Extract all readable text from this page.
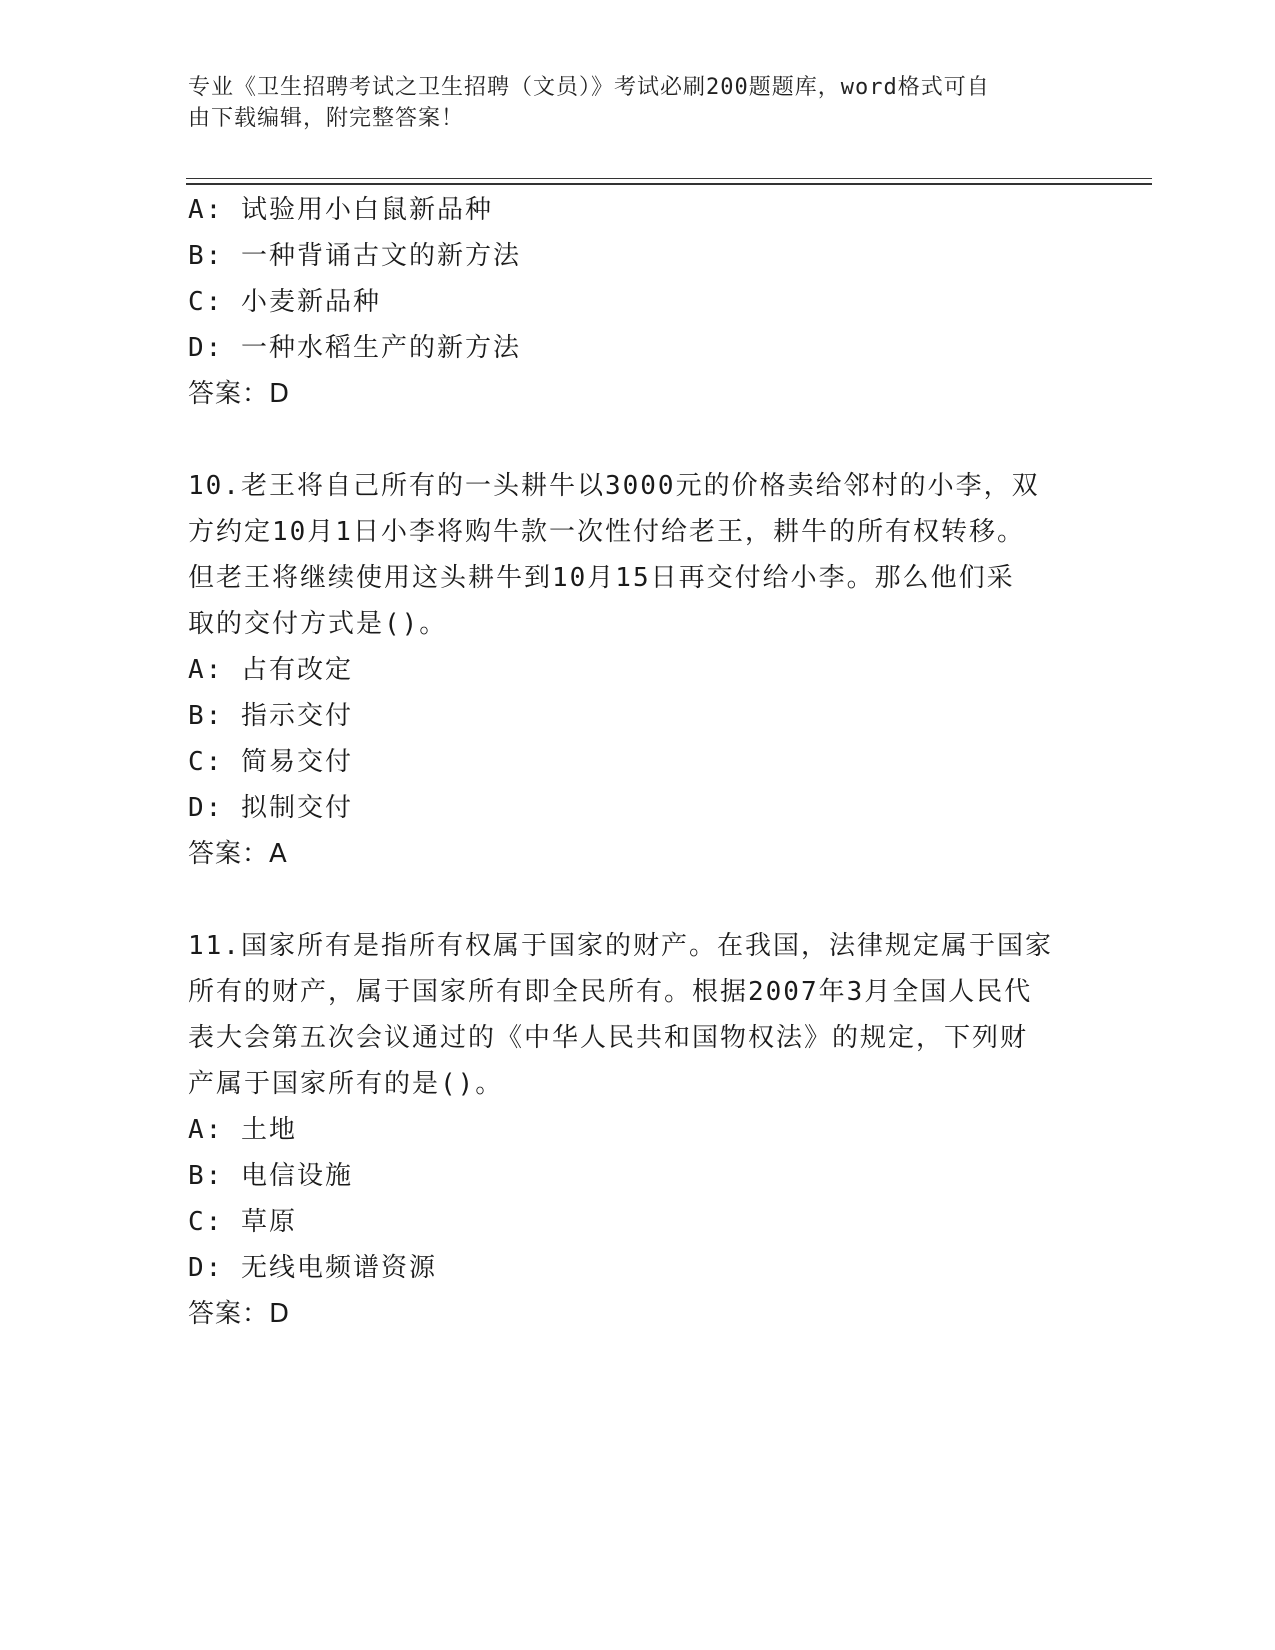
专业《卫生招聘考试之卫生招聘（文员）》考试必刷200题题库，word格式可自
由下载编辑，附完整答案！
A: 试验用小白鼠新品种
B: 一种背诵古文的新方法
C: 小麦新品种
D: 一种水稻生产的新方法
答案：D
10.老王将自己所有的一头耕牛以3000元的价格卖给邻村的小李，双
方约定10月1日小李将购牛款一次性付给老王，耕牛的所有权转移。
但老王将继续使用这头耕牛到10月15日再交付给小李。那么他们采
取的交付方式是()。
A: 占有改定
B: 指示交付
C: 简易交付
D: 拟制交付
答案：A
11.国家所有是指所有权属于国家的财产。在我国，法律规定属于国家
所有的财产，属于国家所有即全民所有。根据2007年3月全国人民代
表大会第五次会议通过的《中华人民共和国物权法》的规定，下列财
产属于国家所有的是()。
A: 土地
B: 电信设施
C: 草原
D: 无线电频谱资源
答案：D
